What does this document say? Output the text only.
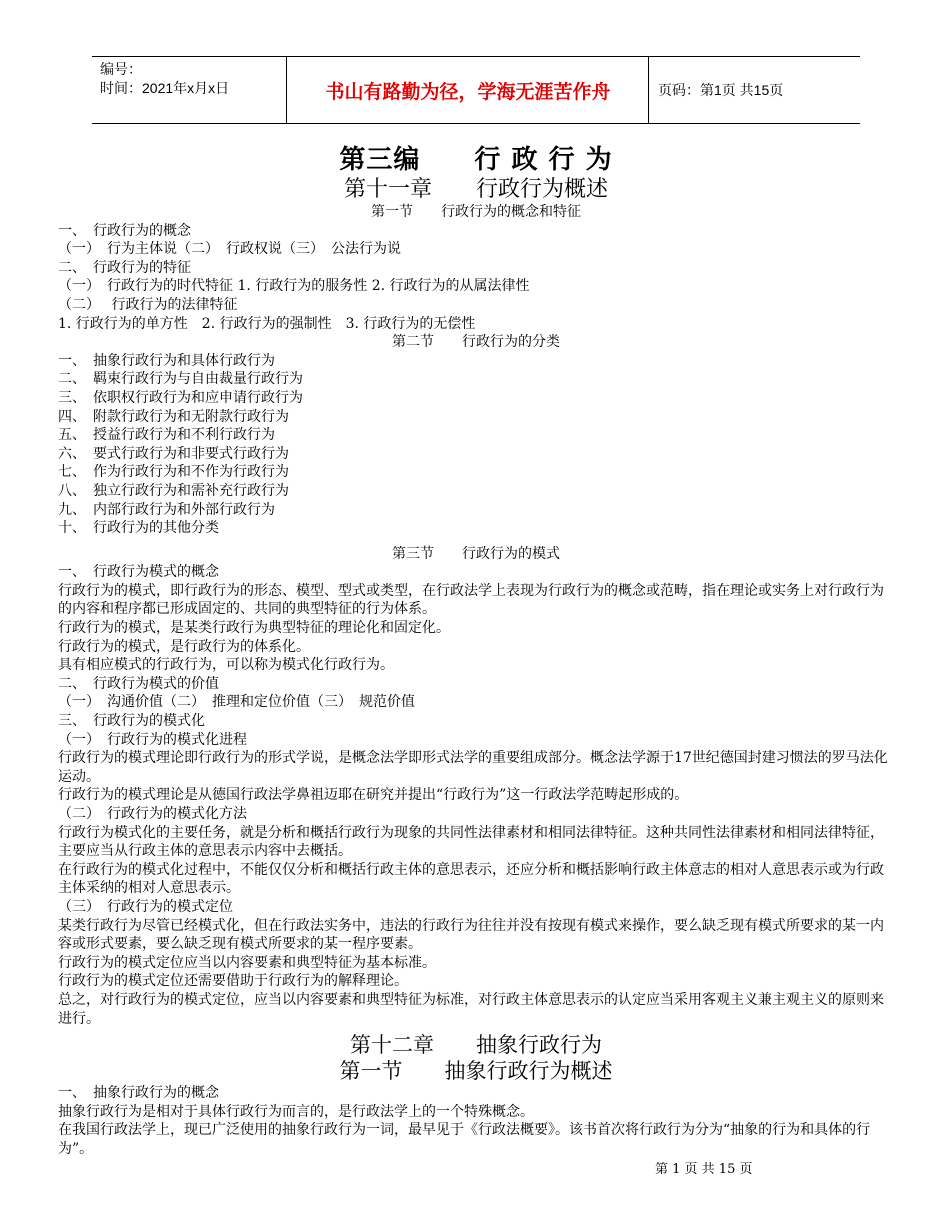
编号：
时间：2021年x月x日	书山有路勤为径，学海无涯苦作舟	页码：第1页 共15页
第三编　　行 政 行 为
第十一章　　行政行为概述
第一节　　行政行为的概念和特征
一、　行政行为的概念
（一）　行为主体说（二）　行政权说（三）　公法行为说
二、　行政行为的特征
（一）　行政行为的时代特征 1. 行政行为的服务性 2. 行政行为的从属法律性
（二）　 行政行为的法律特征
1. 行政行为的单方性　2. 行政行为的强制性　3. 行政行为的无偿性
第二节　　行政行为的分类
一、　抽象行政行为和具体行政行为
二、　羁束行政行为与自由裁量行政行为
三、　依职权行政行为和应申请行政行为
四、　附款行政行为和无附款行政行为
五、　授益行政行为和不利行政行为
六、　要式行政行为和非要式行政行为
七、　作为行政行为和不作为行政行为
八、　独立行政行为和需补充行政行为
九、　内部行政行为和外部行政行为
十、　行政行为的其他分类
第三节　　行政行为的模式
一、　行政行为模式的概念
行政行为的模式，即行政行为的形态、模型、型式或类型，在行政法学上表现为行政行为的概念或范畴，指在理论或实务上对行政行为的内容和程序都已形成固定的、共同的典型特征的行为体系。
行政行为的模式，是某类行政行为典型特征的理论化和固定化。
行政行为的模式，是行政行为的体系化。
具有相应模式的行政行为，可以称为模式化行政行为。
二、　行政行为模式的价值
（一）　沟通价值（二）　推理和定位价值（三）　规范价值
三、　行政行为的模式化
（一）　行政行为的模式化进程
行政行为的模式理论即行政行为的形式学说，是概念法学即形式法学的重要组成部分。概念法学源于17世纪德国封建习惯法的罗马法化运动。
行政行为的模式理论是从德国行政法学鼻祖迈耶在研究并提出“行政行为”这一行政法学范畴起形成的。
（二）　行政行为的模式化方法
行政行为模式化的主要任务，就是分析和概括行政行为现象的共同性法律素材和相同法律特征。这种共同性法律素材和相同法律特征，主要应当从行政主体的意思表示内容中去概括。
在行政行为的模式化过程中，不能仅仅分析和概括行政主体的意思表示，还应分析和概括影响行政主体意志的相对人意思表示或为行政主体采纳的相对人意思表示。
（三）　行政行为的模式定位
某类行政行为尽管已经模式化，但在行政法实务中，违法的行政行为往往并没有按现有模式来操作，要么缺乏现有模式所要求的某一内容或形式要素，要么缺乏现有模式所要求的某一程序要素。
行政行为的模式定位应当以内容要素和典型特征为基本标准。
行政行为的模式定位还需要借助于行政行为的解释理论。
总之，对行政行为的模式定位，应当以内容要素和典型特征为标准，对行政主体意思表示的认定应当采用客观主义兼主观主义的原则来进行。
第十二章　　抽象行政行为
第一节　　抽象行政行为概述
一、　抽象行政行为的概念
抽象行政行为是相对于具体行政行为而言的，是行政法学上的一个特殊概念。
在我国行政法学上，现已广泛使用的抽象行政行为一词，最早见于《行政法概要》。该书首次将行政行为分为“抽象的行为和具体的行为”。
第 1 页 共 15 页
